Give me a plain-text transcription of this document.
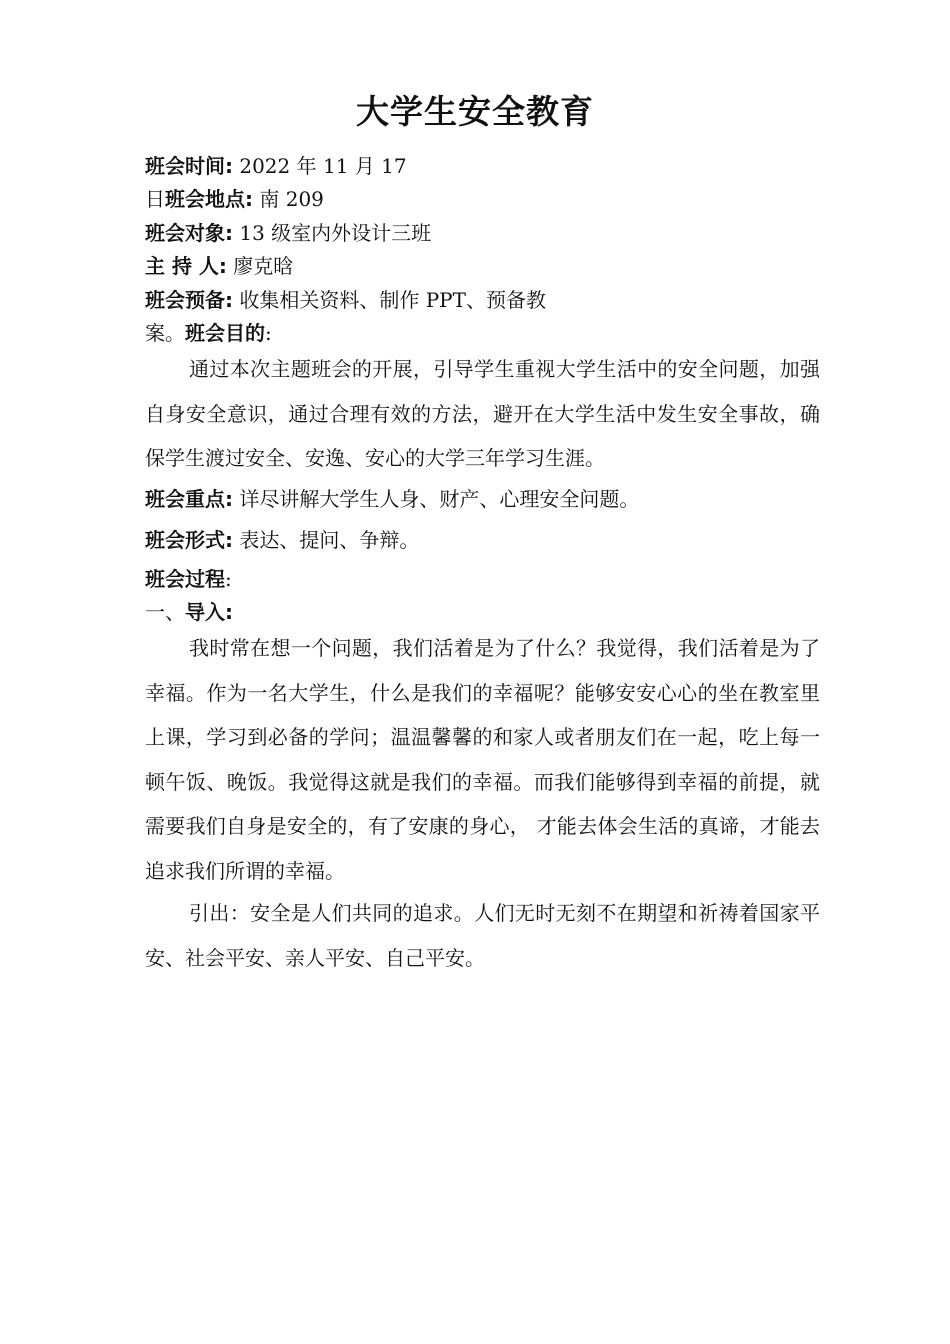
大学生安全教育
班会时间: 2022 年 11 月 17
日班会地点: 南 209
班会对象: 13 级室内外设计三班
主 持 人: 廖克晗
班会预备: 收集相关资料、制作 PPT、预备教
案。班会目的:
通过本次主题班会的开展，引导学生重视大学生活中的安全问题，加强自身安全意识，通过合理有效的方法，避开在大学生活中发生安全事故，确保学生渡过安全、安逸、安心的大学三年学习生涯。
班会重点: 详尽讲解大学生人身、财产、心理安全问题。
班会形式: 表达、提问、争辩。
班会过程:
一、导入:
我时常在想一个问题，我们活着是为了什么？我觉得，我们活着是为了幸福。作为一名大学生，什么是我们的幸福呢？能够安安心心的坐在教室里上课，学习到必备的学问；温温馨馨的和家人或者朋友们在一起，吃上每一顿午饭、晚饭。我觉得这就是我们的幸福。而我们能够得到幸福的前提，就需要我们自身是安全的，有了安康的身心， 才能去体会生活的真谛，才能去追求我们所谓的幸福。
引出：安全是人们共同的追求。人们无时无刻不在期望和祈祷着国家平安、社会平安、亲人平安、自己平安。
